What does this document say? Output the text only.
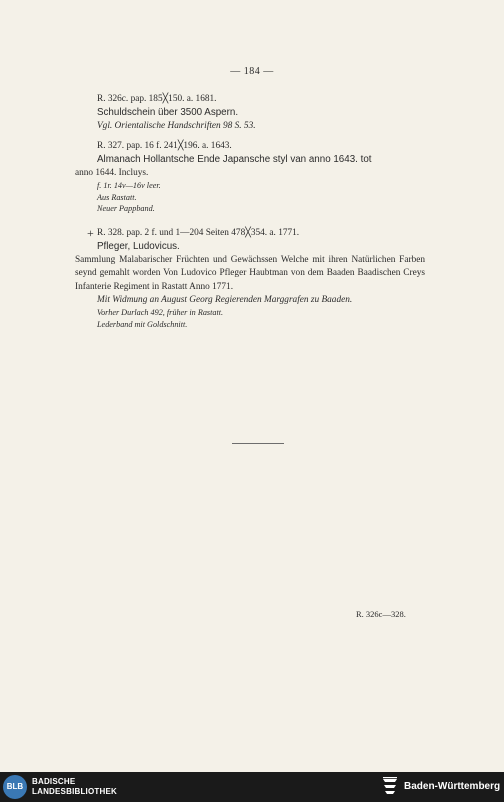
— 184 —
R. 326c. pap. 185╳150. a. 1681.
Schuldschein über 3500 Aspern.
Vgl. Orientalische Handschriften 98 S. 53.
R. 327. pap. 16 f. 241╳196. a. 1643.
Almanach Hollantsche Ende Japansche styl van anno 1643. tot
anno 1644. Incluys.
f. 1r. 14v—16v leer.
Aus Rastatt.
Neuer Pappband.
+ R. 328. pap. 2 f. und 1—204 Seiten 478╳354. a. 1771.
Pfleger, Ludovicus.
Sammlung Malabarischer Früchten und Gewächssen Welche mit ihren Natürlichen Farben seynd gemahlt worden Von Ludovico Pfleger Haubtman von dem Baaden Baadischen Creys Infanterie Regiment in Rastatt Anno 1771.
Mit Widmung an August Georg Regierenden Marggrafen zu Baaden.
Vorher Durlach 492, früher in Rastatt.
Lederband mit Goldschnitt.
R. 326c—328.
BLB
BADISCHE
LANDESBIBLIOTHEK	Baden-Württemberg
